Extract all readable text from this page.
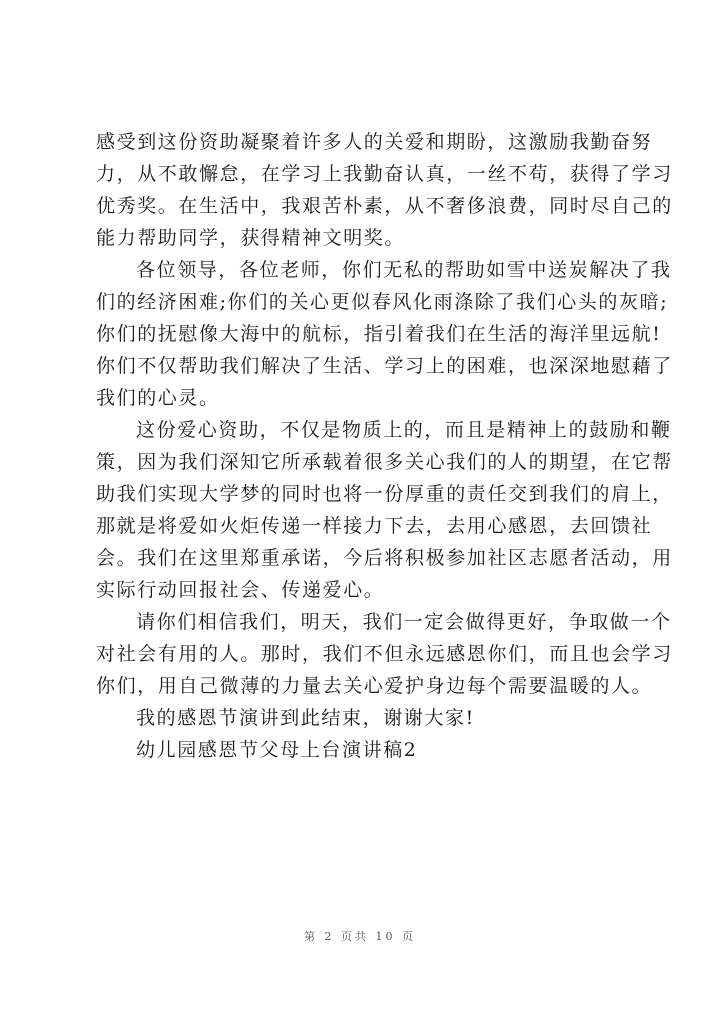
感受到这份资助凝聚着许多人的关爱和期盼，这激励我勤奋努

力，从不敢懈怠，在学习上我勤奋认真，一丝不苟，获得了学习

优秀奖。在生活中，我艰苦朴素，从不奢侈浪费，同时尽自己的

能力帮助同学，获得精神文明奖。

各位领导，各位老师，你们无私的帮助如雪中送炭解决了我

们的经济困难;你们的关心更似春风化雨涤除了我们心头的灰暗;

你们的抚慰像大海中的航标，指引着我们在生活的海洋里远航!

你们不仅帮助我们解决了生活、学习上的困难，也深深地慰藉了

我们的心灵。

这份爱心资助，不仅是物质上的，而且是精神上的鼓励和鞭

策，因为我们深知它所承载着很多关心我们的人的期望，在它帮

助我们实现大学梦的同时也将一份厚重的责任交到我们的肩上，

那就是将爱如火炬传递一样接力下去，去用心感恩，去回馈社

会。我们在这里郑重承诺，今后将积极参加社区志愿者活动，用

实际行动回报社会、传递爱心。

请你们相信我们，明天，我们一定会做得更好，争取做一个

对社会有用的人。那时，我们不但永远感恩你们，而且也会学习

你们，用自己微薄的力量去关心爱护身边每个需要温暖的人。

我的感恩节演讲到此结束，谢谢大家!

幼儿园感恩节父母上台演讲稿2

第 2 页共 10 页
